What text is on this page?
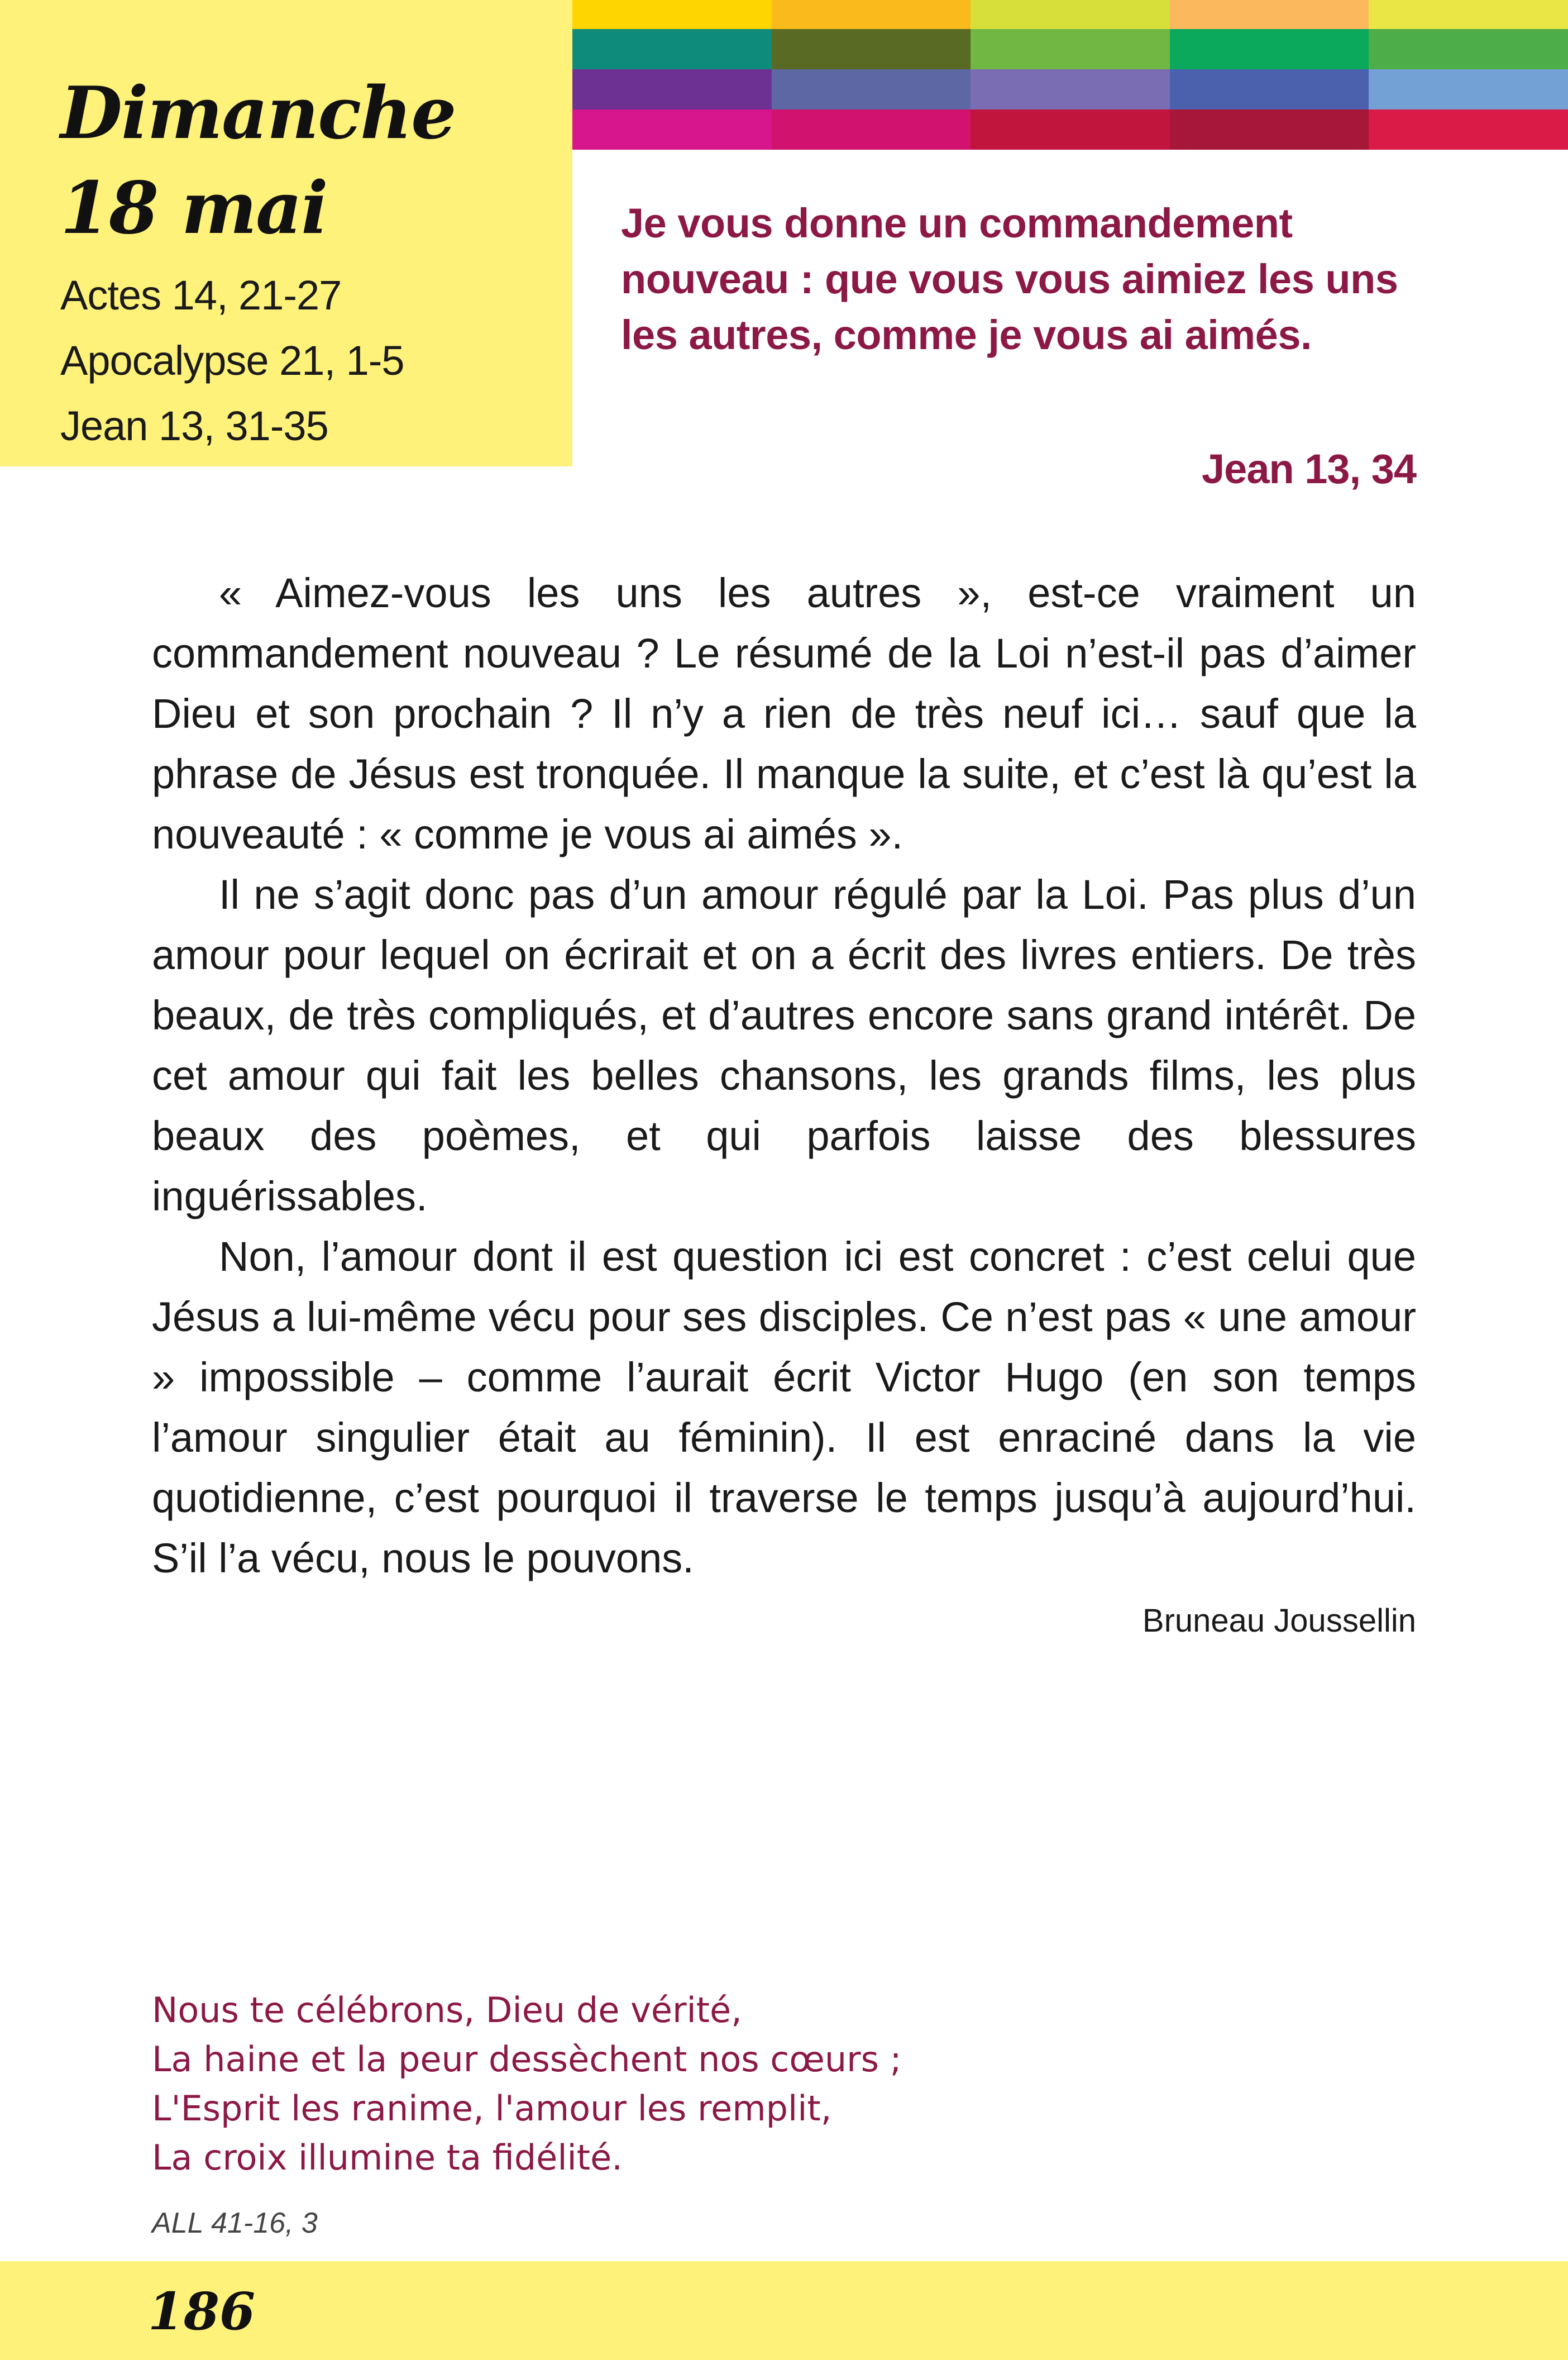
Dimanche
18 mai
Actes 14, 21-27
Apocalypse 21, 1-5
Jean 13, 31-35

Je vous donne un commandement nouveau : que vous vous aimiez les uns les autres, comme je vous ai aimés.

Jean 13, 34

« Aimez-vous les uns les autres », est-ce vraiment un commandement nouveau ? Le résumé de la Loi n’est-il pas d’aimer Dieu et son prochain ? Il n’y a rien de très neuf ici… sauf que la phrase de Jésus est tronquée. Il manque la suite, et c’est là qu’est la nouveauté : « comme je vous ai aimés ».

Il ne s’agit donc pas d’un amour régulé par la Loi. Pas plus d’un amour pour lequel on écrirait et on a écrit des livres entiers. De très beaux, de très compliqués, et d’autres encore sans grand intérêt. De cet amour qui fait les belles chansons, les grands films, les plus beaux des poèmes, et qui parfois laisse des blessures inguérissables.

Non, l’amour dont il est question ici est concret : c’est celui que Jésus a lui-même vécu pour ses disciples. Ce n’est pas « une amour » impossible – comme l’aurait écrit Victor Hugo (en son temps l’amour singulier était au féminin). Il est enraciné dans la vie quotidienne, c’est pourquoi il traverse le temps jusqu’à aujourd’hui. S’il l’a vécu, nous le pouvons.

Bruneau Joussellin
Nous te célébrons, Dieu de vérité,
La haine et la peur dessèchent nos cœurs ;
L'Esprit les ranime, l'amour les remplit,
La croix illumine ta fidélité.
ALL 41-16, 3
186
